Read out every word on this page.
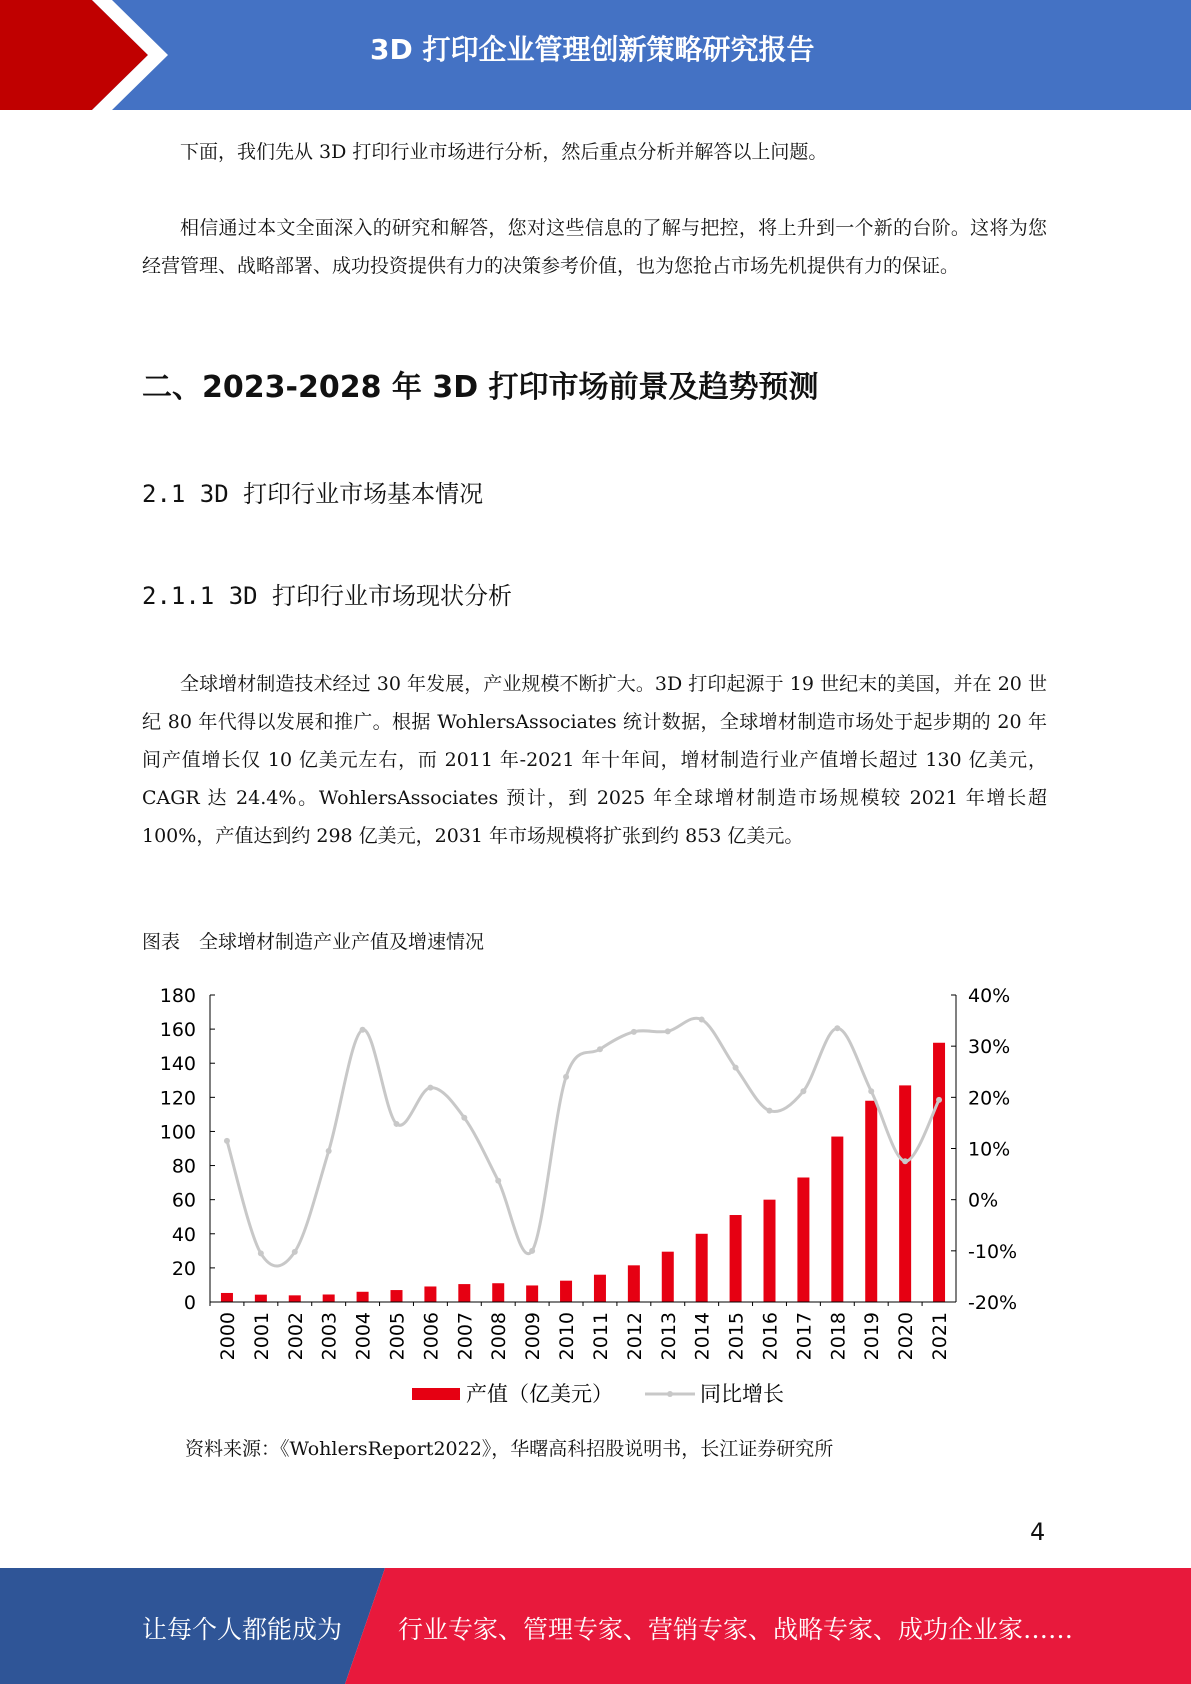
3D 打印企业管理创新策略研究报告

下面，我们先从 3D 打印行业市场进行分析，然后重点分析并解答以上问题。

相信通过本文全面深入的研究和解答，您对这些信息的了解与把控，将上升到一个新的台阶。这将为您经营管理、战略部署、成功投资提供有力的决策参考价值，也为您抢占市场先机提供有力的保证。

二、2023-2028 年 3D 打印市场前景及趋势预测
2.1 3D 打印行业市场基本情况
2.1.1 3D 打印行业市场现状分析

全球增材制造技术经过 30 年发展，产业规模不断扩大。3D 打印起源于 19 世纪末的美国，并在 20 世纪 80 年代得以发展和推广。根据 WohlersAssociates 统计数据，全球增材制造市场处于起步期的 20 年间产值增长仅 10 亿美元左右，而 2011 年-2021 年十年间，增材制造行业产值增长超过 130 亿美元，CAGR 达 24.4%。WohlersAssociates 预计，到 2025 年全球增材制造市场规模较 2021 年增长超 100%，产值达到约 298 亿美元，2031 年市场规模将扩张到约 853 亿美元。

图表　全球增材制造产业产值及增速情况
0
20
40
60
80
100
120
140
160
180
-20%
-10%
0%
10%
20%
30%
40%
2000 2001 2002 2003 2004 2005 2006 2007 2008 2009 2010 2011 2012 2013 2014 2015 2016 2017 2018 2019 2020 2021
产值（亿美元）	同比增长
资料来源：《WohlersReport2022》，华曙高科招股说明书，长江证券研究所
4
让每个人都能成为 行业专家、管理专家、营销专家、战略专家、成功企业家……
